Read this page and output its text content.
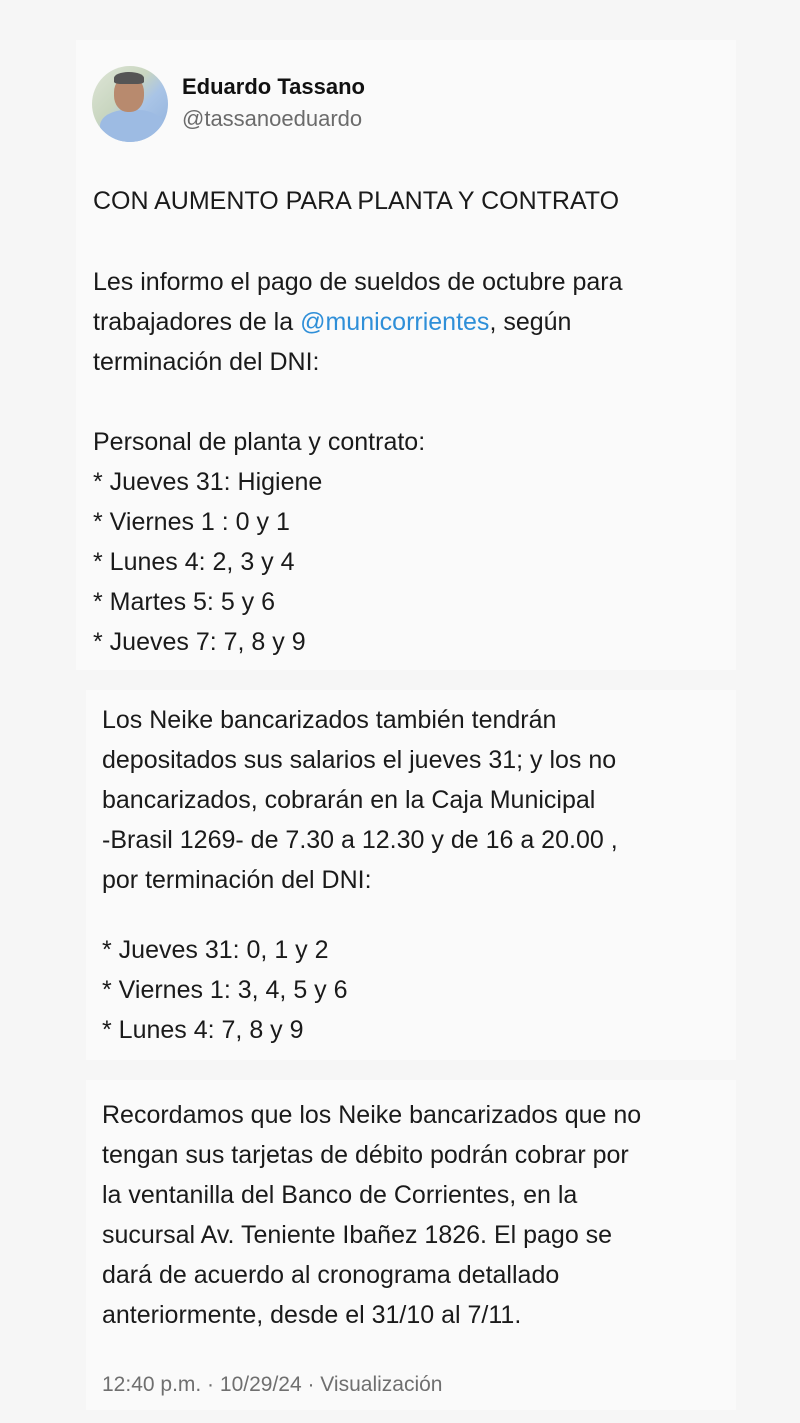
Eduardo Tassano
@tassanoeduardo
CON AUMENTO PARA PLANTA Y CONTRATO
Les informo el pago de sueldos de octubre para
trabajadores de la @municorrientes, según
terminación del DNI:
Personal de planta y contrato:
* Jueves 31: Higiene
* Viernes 1 : 0 y 1
* Lunes 4: 2, 3 y 4
* Martes 5: 5 y 6
* Jueves 7: 7, 8 y 9
Los Neike bancarizados también tendrán
depositados sus salarios el jueves 31; y los no
bancarizados, cobrarán en la Caja Municipal
-Brasil 1269- de 7.30 a 12.30 y de 16 a 20.00 ,
por terminación del DNI:
* Jueves 31: 0, 1 y 2
* Viernes 1: 3, 4, 5 y 6
* Lunes 4: 7, 8 y 9
Recordamos que los Neike bancarizados que no
tengan sus tarjetas de débito podrán cobrar por
la ventanilla del Banco de Corrientes, en la
sucursal Av. Teniente Ibañez 1826. El pago se
dará de acuerdo al cronograma detallado
anteriormente, desde el 31/10 al 7/11.
12:40 p.m. · 10/29/24 · Visualización
